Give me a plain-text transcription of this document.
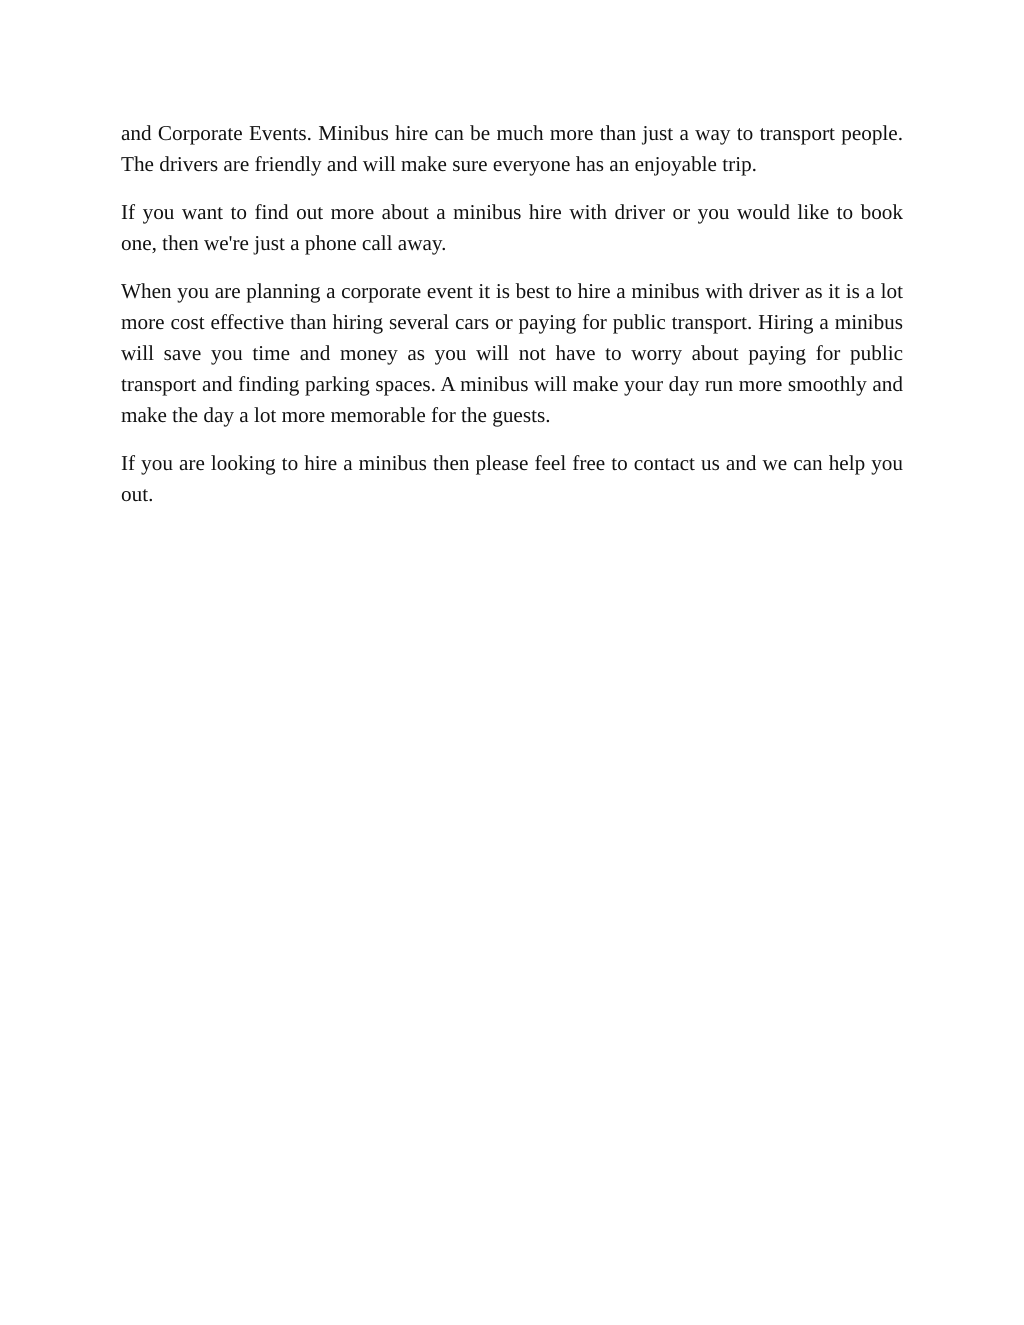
and Corporate Events. Minibus hire can be much more than just a way to transport people. The drivers are friendly and will make sure everyone has an enjoyable trip.

If you want to find out more about a minibus hire with driver or you would like to book one, then we're just a phone call away.

When you are planning a corporate event it is best to hire a minibus with driver as it is a lot more cost effective than hiring several cars or paying for public transport. Hiring a minibus will save you time and money as you will not have to worry about paying for public transport and finding parking spaces. A minibus will make your day run more smoothly and make the day a lot more memorable for the guests.

If you are looking to hire a minibus then please feel free to contact us and we can help you out.
